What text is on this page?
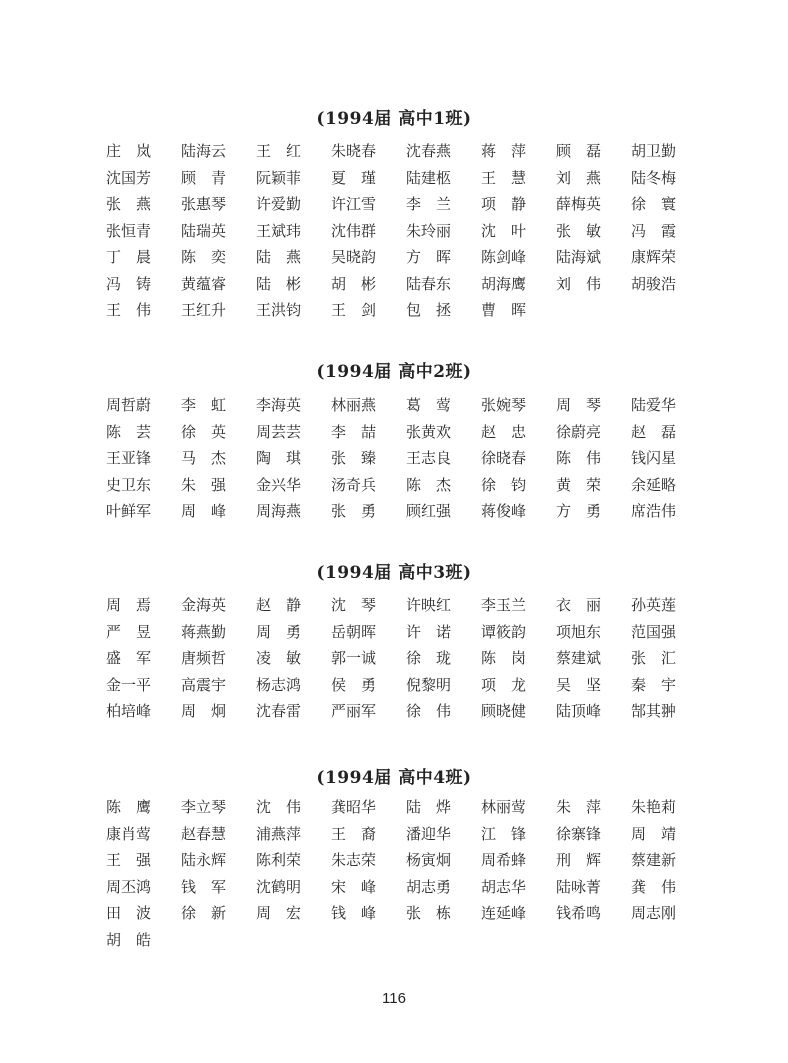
(1994届 高中1班)
庄　岚	陆海云	王　红	朱晓春	沈春燕	蒋　萍	顾　磊	胡卫勤
沈国芳	顾　青	阮颖菲	夏　瑾	陆建柩	王　慧	刘　燕	陆冬梅
张　燕	张惠琴	许爱勤	许江雪	李　兰	项　静	薛梅英	徐　寰
张恒青	陆瑞英	王斌玮	沈伟群	朱玲丽	沈　叶	张　敏	冯　霞
丁　晨	陈　奕	陆　燕	吴晓韵	方　晖	陈剑峰	陆海斌	康辉荣
冯　铸	黄蕴睿	陆　彬	胡　彬	陆春东	胡海鹰	刘　伟	胡骏浩
王　伟	王红升	王洪钧	王　剑	包　拯	曹　晖
(1994届 高中2班)
周哲蔚	李　虹	李海英	林丽燕	葛　莺	张婉琴	周　琴	陆爱华
陈　芸	徐　英	周芸芸	李　喆	张黄欢	赵　忠	徐蔚亮	赵　磊
王亚锋	马　杰	陶　琪	张　臻	王志良	徐晓春	陈　伟	钱闪星
史卫东	朱　强	金兴华	汤奇兵	陈　杰	徐　钧	黄　荣	余延略
叶鲜军	周　峰	周海燕	张　勇	顾红强	蒋俊峰	方　勇	席浩伟
(1994届 高中3班)
周　焉	金海英	赵　静	沈　琴	许映红	李玉兰	衣　丽	孙英莲
严　昱	蒋燕勤	周　勇	岳朝晖	许　诺	谭筱韵	项旭东	范国强
盛　军	唐频哲	凌　敏	郭一诚	徐　珑	陈　岗	蔡建斌	张　汇
金一平	高震宇	杨志鸿	侯　勇	倪黎明	项　龙	吴　坚	秦　宇
柏培峰	周　炯	沈春雷	严丽军	徐　伟	顾晓健	陆顶峰	郜其翀
(1994届 高中4班)
陈　鹰	李立琴	沈　伟	龚昭华	陆　烨	林丽莺	朱　萍	朱艳莉
康肖莺	赵春慧	浦燕萍	王　裔	潘迎华	江　锋	徐寨锋	周　靖
王　强	陆永辉	陈利荣	朱志荣	杨寅炯	周希蜂	刑　辉	蔡建新
周丕鸿	钱　军	沈鹤明	宋　峰	胡志勇	胡志华	陆咏菁	龚　伟
田　波	徐　新	周　宏	钱　峰	张　栋	连延峰	钱希鸣	周志刚
胡　皓
116
